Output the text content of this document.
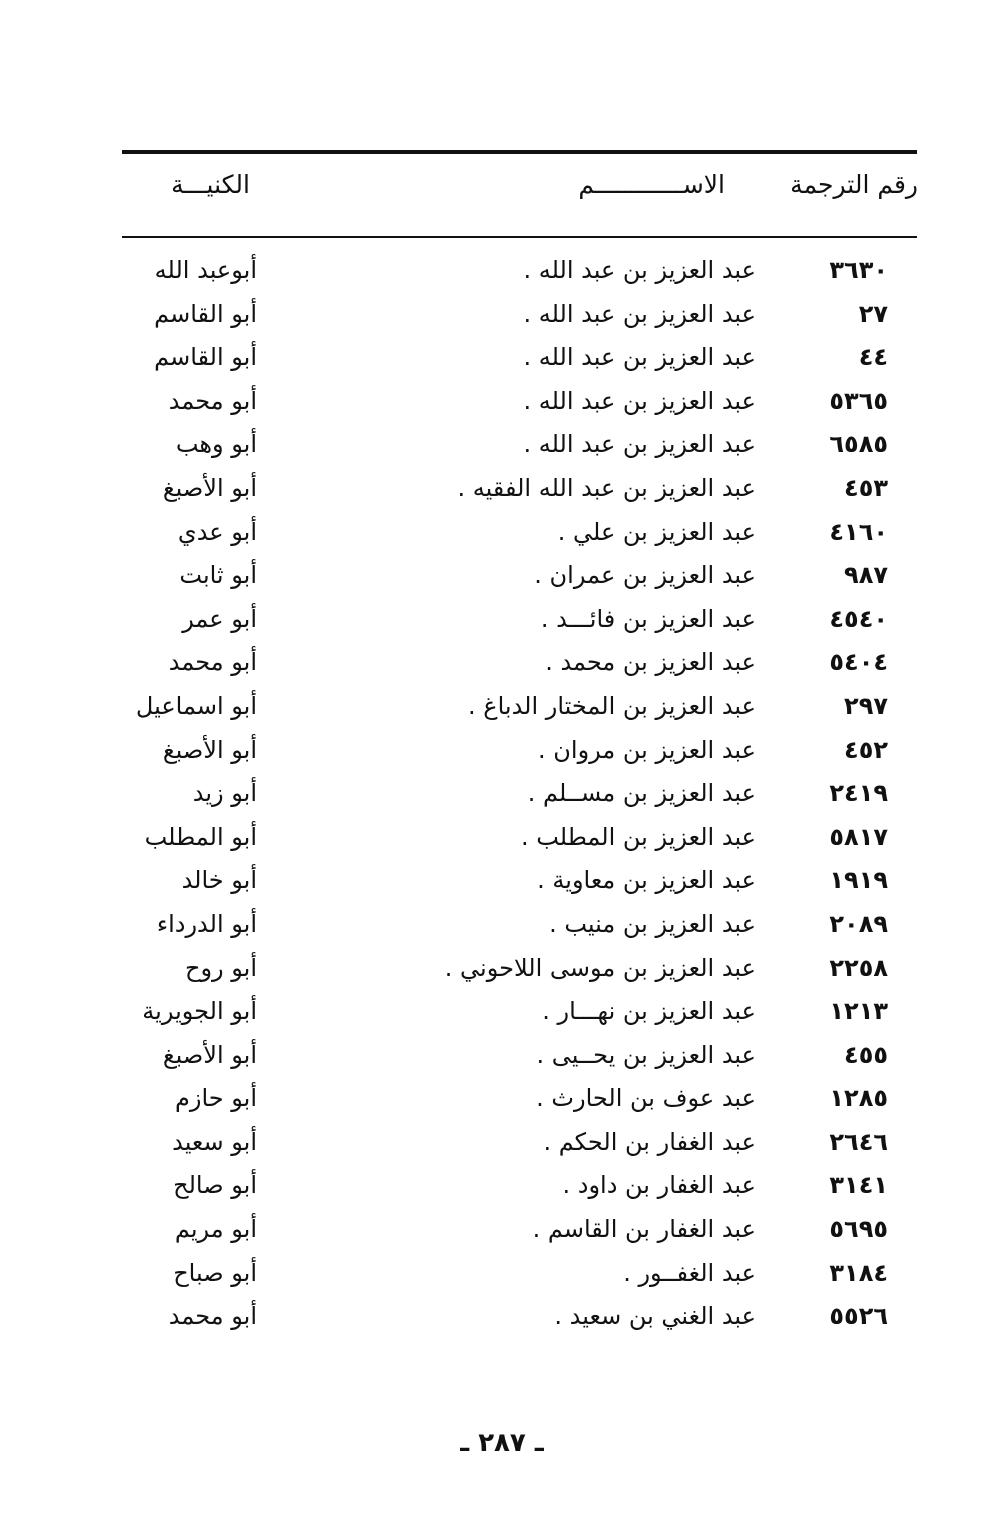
رقم الترجمة
الاســــــــــــم
الكنيـــة
٣٦٣٠
عبد العزيز بن عبد الله .
أبوعبد الله
٢٧
عبد العزيز بن عبد الله .
أبو القاسم
٤٤
عبد العزيز بن عبد الله .
أبو القاسم
٥٣٦٥
عبد العزيز بن عبد الله .
أبو محمد
٦٥٨٥
عبد العزيز بن عبد الله .
أبو وهب
٤٥٣
عبد العزيز بن عبد الله الفقيه .
أبو الأصبغ
٤١٦٠
عبد العزيز بن علي .
أبو عدي
٩٨٧
عبد العزيز بن عمران .
أبو ثابت
٤٥٤٠
عبد العزيز بن فائـــد .
أبو عمر
٥٤٠٤
عبد العزيز بن محمد .
أبو محمد
٢٩٧
عبد العزيز بن المختار الدباغ .
أبو اسماعيل
٤٥٢
عبد العزيز بن مروان .
أبو الأصبغ
٢٤١٩
عبد العزيز بن مســلم .
أبو زيد
٥٨١٧
عبد العزيز بن المطلب .
أبو المطلب
١٩١٩
عبد العزيز بن معاوية .
أبو خالد
٢٠٨٩
عبد العزيز بن منيب .
أبو الدرداء
٢٢٥٨
عبد العزيز بن موسى اللاحوني .
أبو روح
١٢١٣
عبد العزيز بن نهـــار .
أبو الجويرية
٤٥٥
عبد العزيز بن يحــيى .
أبو الأصبغ
١٢٨٥
عبد عوف بن الحارث .
أبو حازم
٢٦٤٦
عبد الغفار بن الحكم .
أبو سعيد
٣١٤١
عبد الغفار بن داود .
أبو صالح
٥٦٩٥
عبد الغفار بن القاسم .
أبو مريم
٣١٨٤
عبد الغفــور .
أبو صباح
٥٥٢٦
عبد الغني بن سعيد .
أبو محمد
ـ ٢٨٧ ـ
